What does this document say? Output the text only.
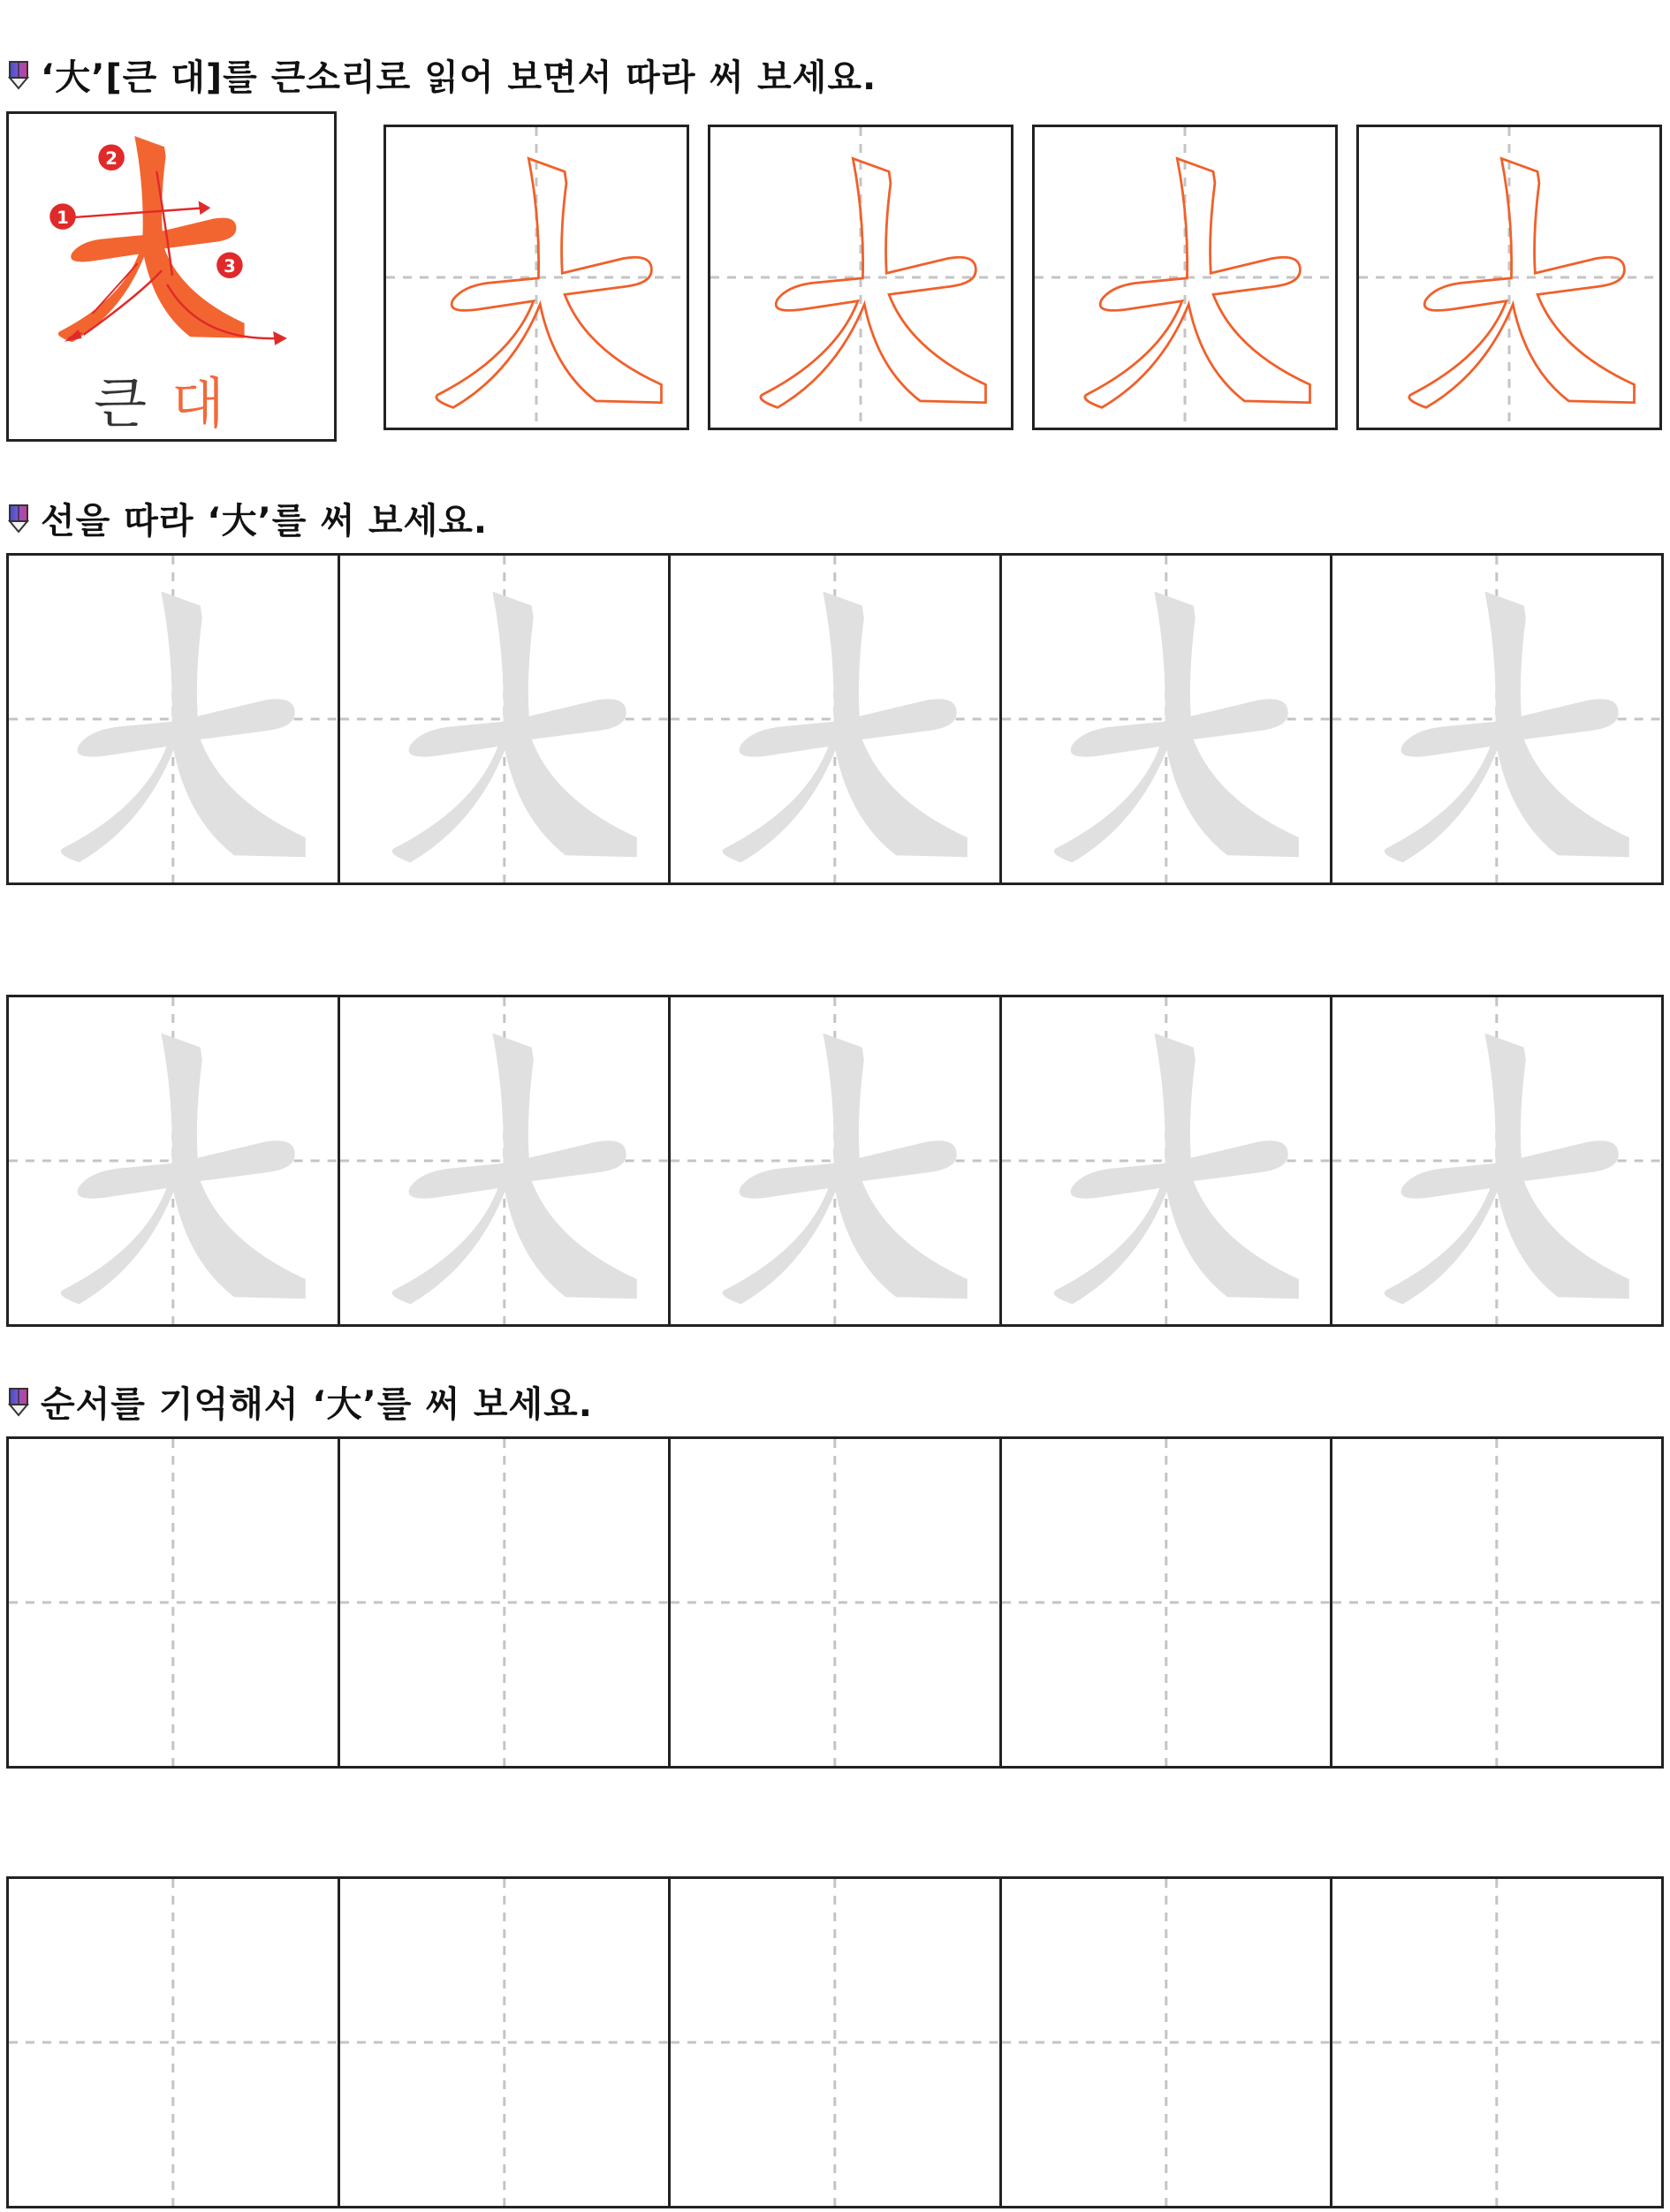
‘大’[큰 대]를 큰소리로 읽어 보면서 따라 써 보세요.
2
1
3
큰대
선을 따라 ‘大’를 써 보세요.
순서를 기억해서 ‘大’를 써 보세요.
